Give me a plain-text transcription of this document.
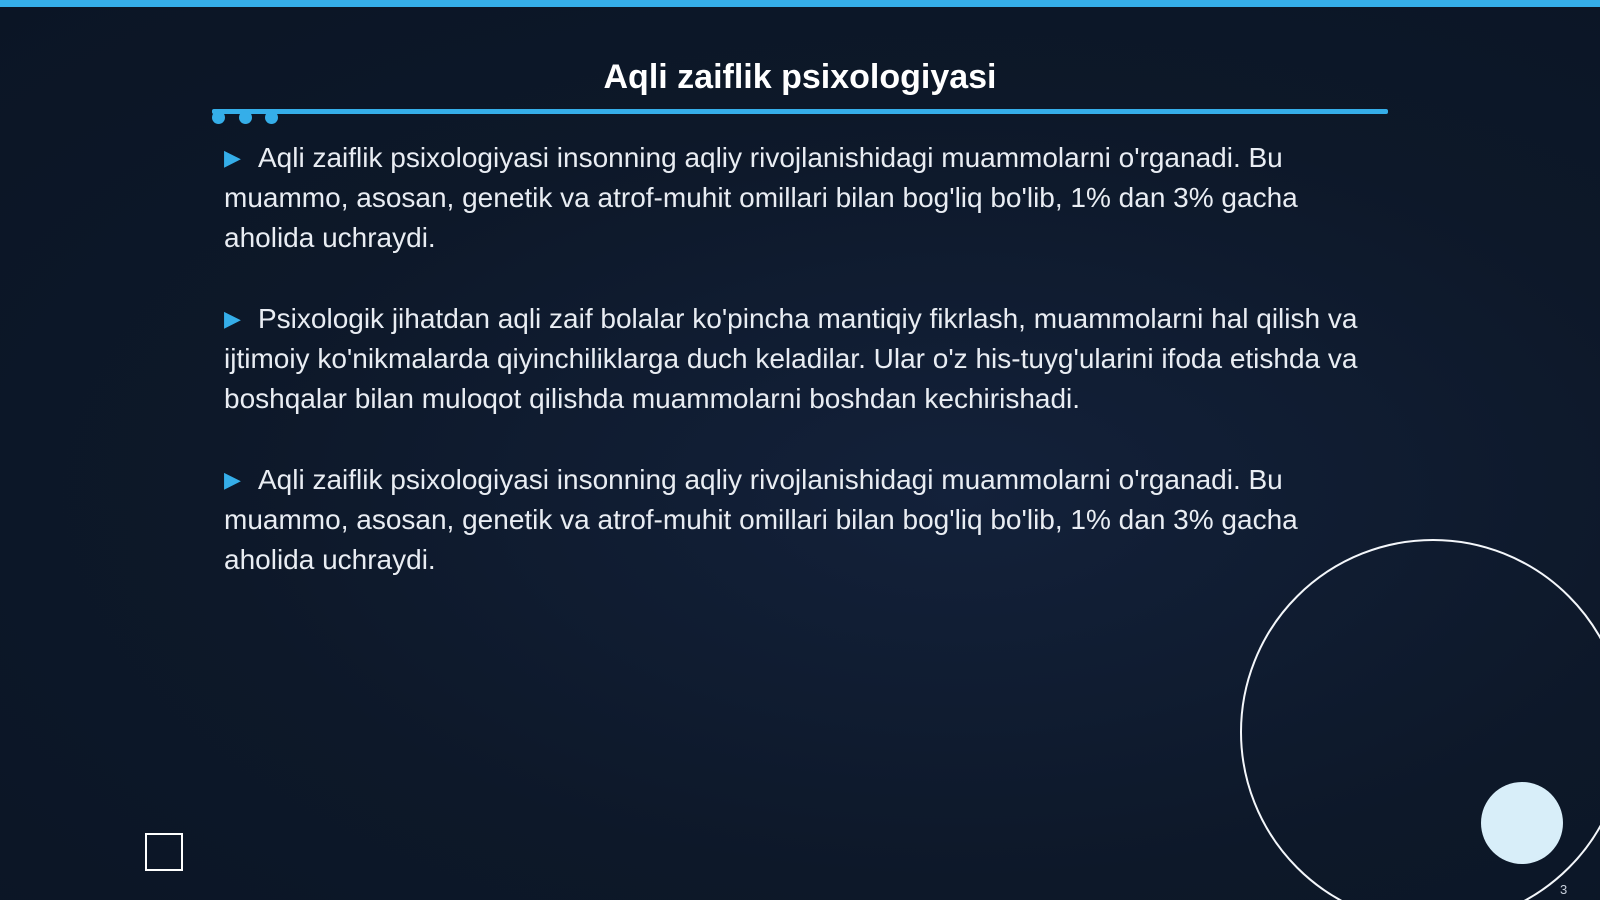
Aqli zaiflik psixologiyasi

▶ Aqli zaiflik psixologiyasi insonning aqliy rivojlanishidagi muammolarni o'rganadi. Bu muammo, asosan, genetik va atrof-muhit omillari bilan bog'liq bo'lib, 1% dan 3% gacha aholida uchraydi.

▶ Psixologik jihatdan aqli zaif bolalar ko'pincha mantiqiy fikrlash, muammolarni hal qilish va ijtimoiy ko'nikmalarda qiyinchiliklarga duch keladilar. Ular o'z his-tuyg'ularini ifoda etishda va boshqalar bilan muloqot qilishda muammolarni boshdan kechirishadi.

▶ Aqli zaiflik psixologiyasi insonning aqliy rivojlanishidagi muammolarni o'rganadi. Bu muammo, asosan, genetik va atrof-muhit omillari bilan bog'liq bo'lib, 1% dan 3% gacha aholida uchraydi.

3
